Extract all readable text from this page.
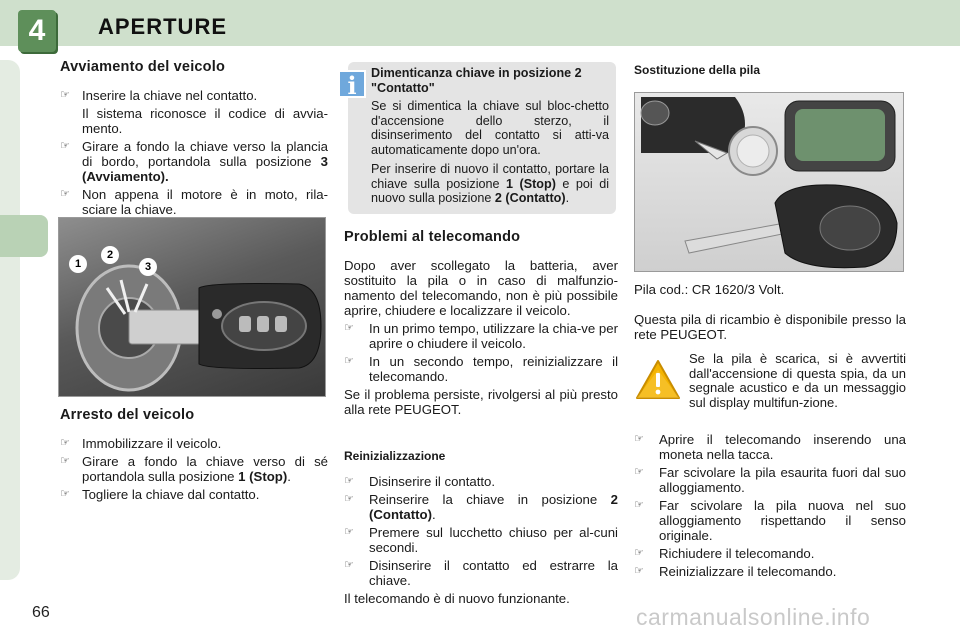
4	APERTURE
Avviamento del veicolo
☞ Inserire la chiave nel contatto.
Il sistema riconosce il codice di avvia-mento.
☞ Girare a fondo la chiave verso la plancia di bordo, portandola sulla posizione 3 (Avviamento).
☞ Non appena il motore è in moto, rila-sciare la chiave.
1
2
3
Arresto del veicolo
☞ Immobilizzare il veicolo.
☞ Girare a fondo la chiave verso di sé portandola sulla posizione 1 (Stop).
☞ Togliere la chiave dal contatto.
i	Dimenticanza chiave in posizione 2 "Contatto"

Se si dimentica la chiave sul bloc-chetto d'accensione dello sterzo, il disinserimento del contatto si atti-va automaticamente dopo un'ora.

Per inserire di nuovo il contatto, portare la chiave sulla posizione 1 (Stop) e poi di nuovo sulla posizione 2 (Contatto).

Problemi al telecomando

Dopo aver scollegato la batteria, aver sostituito la pila o in caso di malfunzio-namento del telecomando, non è più possibile aprire, chiudere e localizzare il veicolo.

☞ In un primo tempo, utilizzare la chia-ve per aprire o chiudere il veicolo.
☞ In un secondo tempo, reinizializzare il telecomando.

Se il problema persiste, rivolgersi al più presto alla rete PEUGEOT.

Reinizializzazione
☞ Disinserire il contatto.
☞ Reinserire la chiave in posizione 2 (Contatto).
☞ Premere sul lucchetto chiuso per al-cuni secondi.
☞ Disinserire il contatto ed estrarre la chiave.

Il telecomando è di nuovo funzionante.

Sostituzione della pila

Pila cod.: CR 1620/3 Volt.

Questa pila di ricambio è disponibile presso la rete PEUGEOT.

Se la pila è scarica, si è avvertiti dall'accensione di questa spia, da un segnale acustico e da un messaggio sul display multifun-zione.
☞ Aprire il telecomando inserendo una moneta nella tacca.
☞ Far scivolare la pila esaurita fuori dal suo alloggiamento.
☞ Far scivolare la pila nuova nel suo alloggiamento rispettando il senso originale.
☞ Richiudere il telecomando.
☞ Reinizializzare il telecomando.
66	carmanualsonline.info
